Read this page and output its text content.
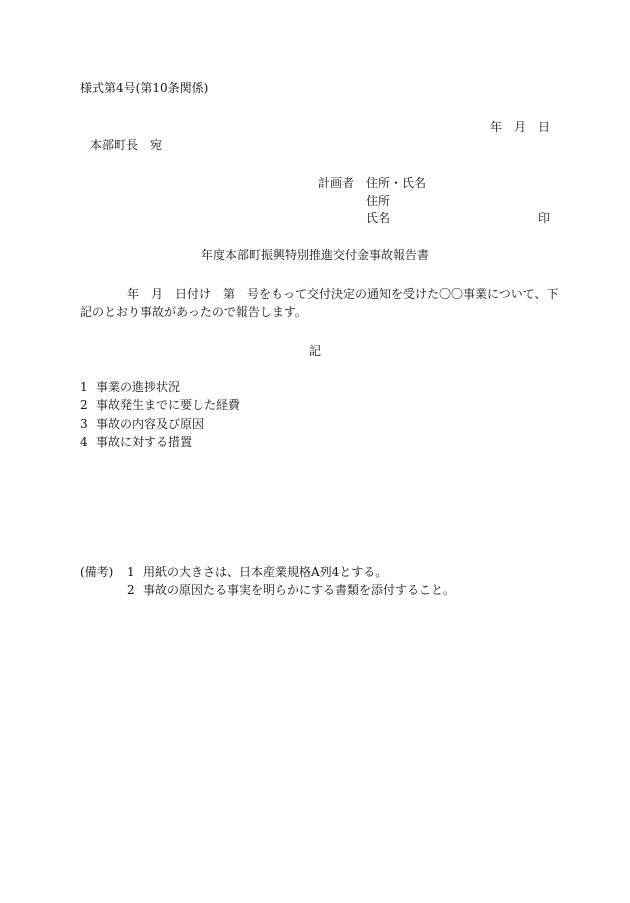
様式第4号(第10条関係)

年　月　日

本部町長　宛

計画者 住所・氏名

住所

氏名	印

年度本部町振興特別推進交付金事故報告書

年　月　日付け　第　号をもって交付決定の通知を受けた〇〇事業について、下

記のとおり事故があったので報告します。

記

1 事業の進捗状況

2 事故発生までに要した経費

3 事故の内容及び原因

4 事故に対する措置

(備考) 1 用紙の大きさは、日本産業規格A列4とする。

2 事故の原因たる事実を明らかにする書類を添付すること。
